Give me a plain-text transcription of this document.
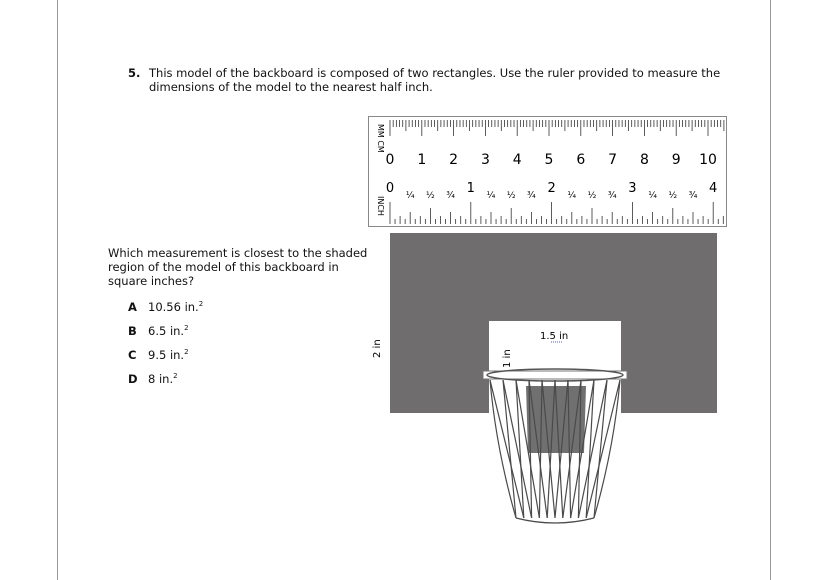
5. This model of the backboard is composed of two rectangles. Use the ruler provided to measure the dimensions of the model to the nearest half inch.
Which measurement is closest to the shaded region of the model of this backboard in square inches?
A 10.56 in.$^2$
B 6.5 in.$^2$
C 9.5 in.$^2$
D 8 in.$^2$
MM CM
INCH
0 1 2 3 4 5 6 7 8 9 10
0	1	2	3	4
¼ ½ ¾	¼ ½ ¾	¼ ½ ¾	¼ ½ ¾
1.5 in
1 in
2 in
